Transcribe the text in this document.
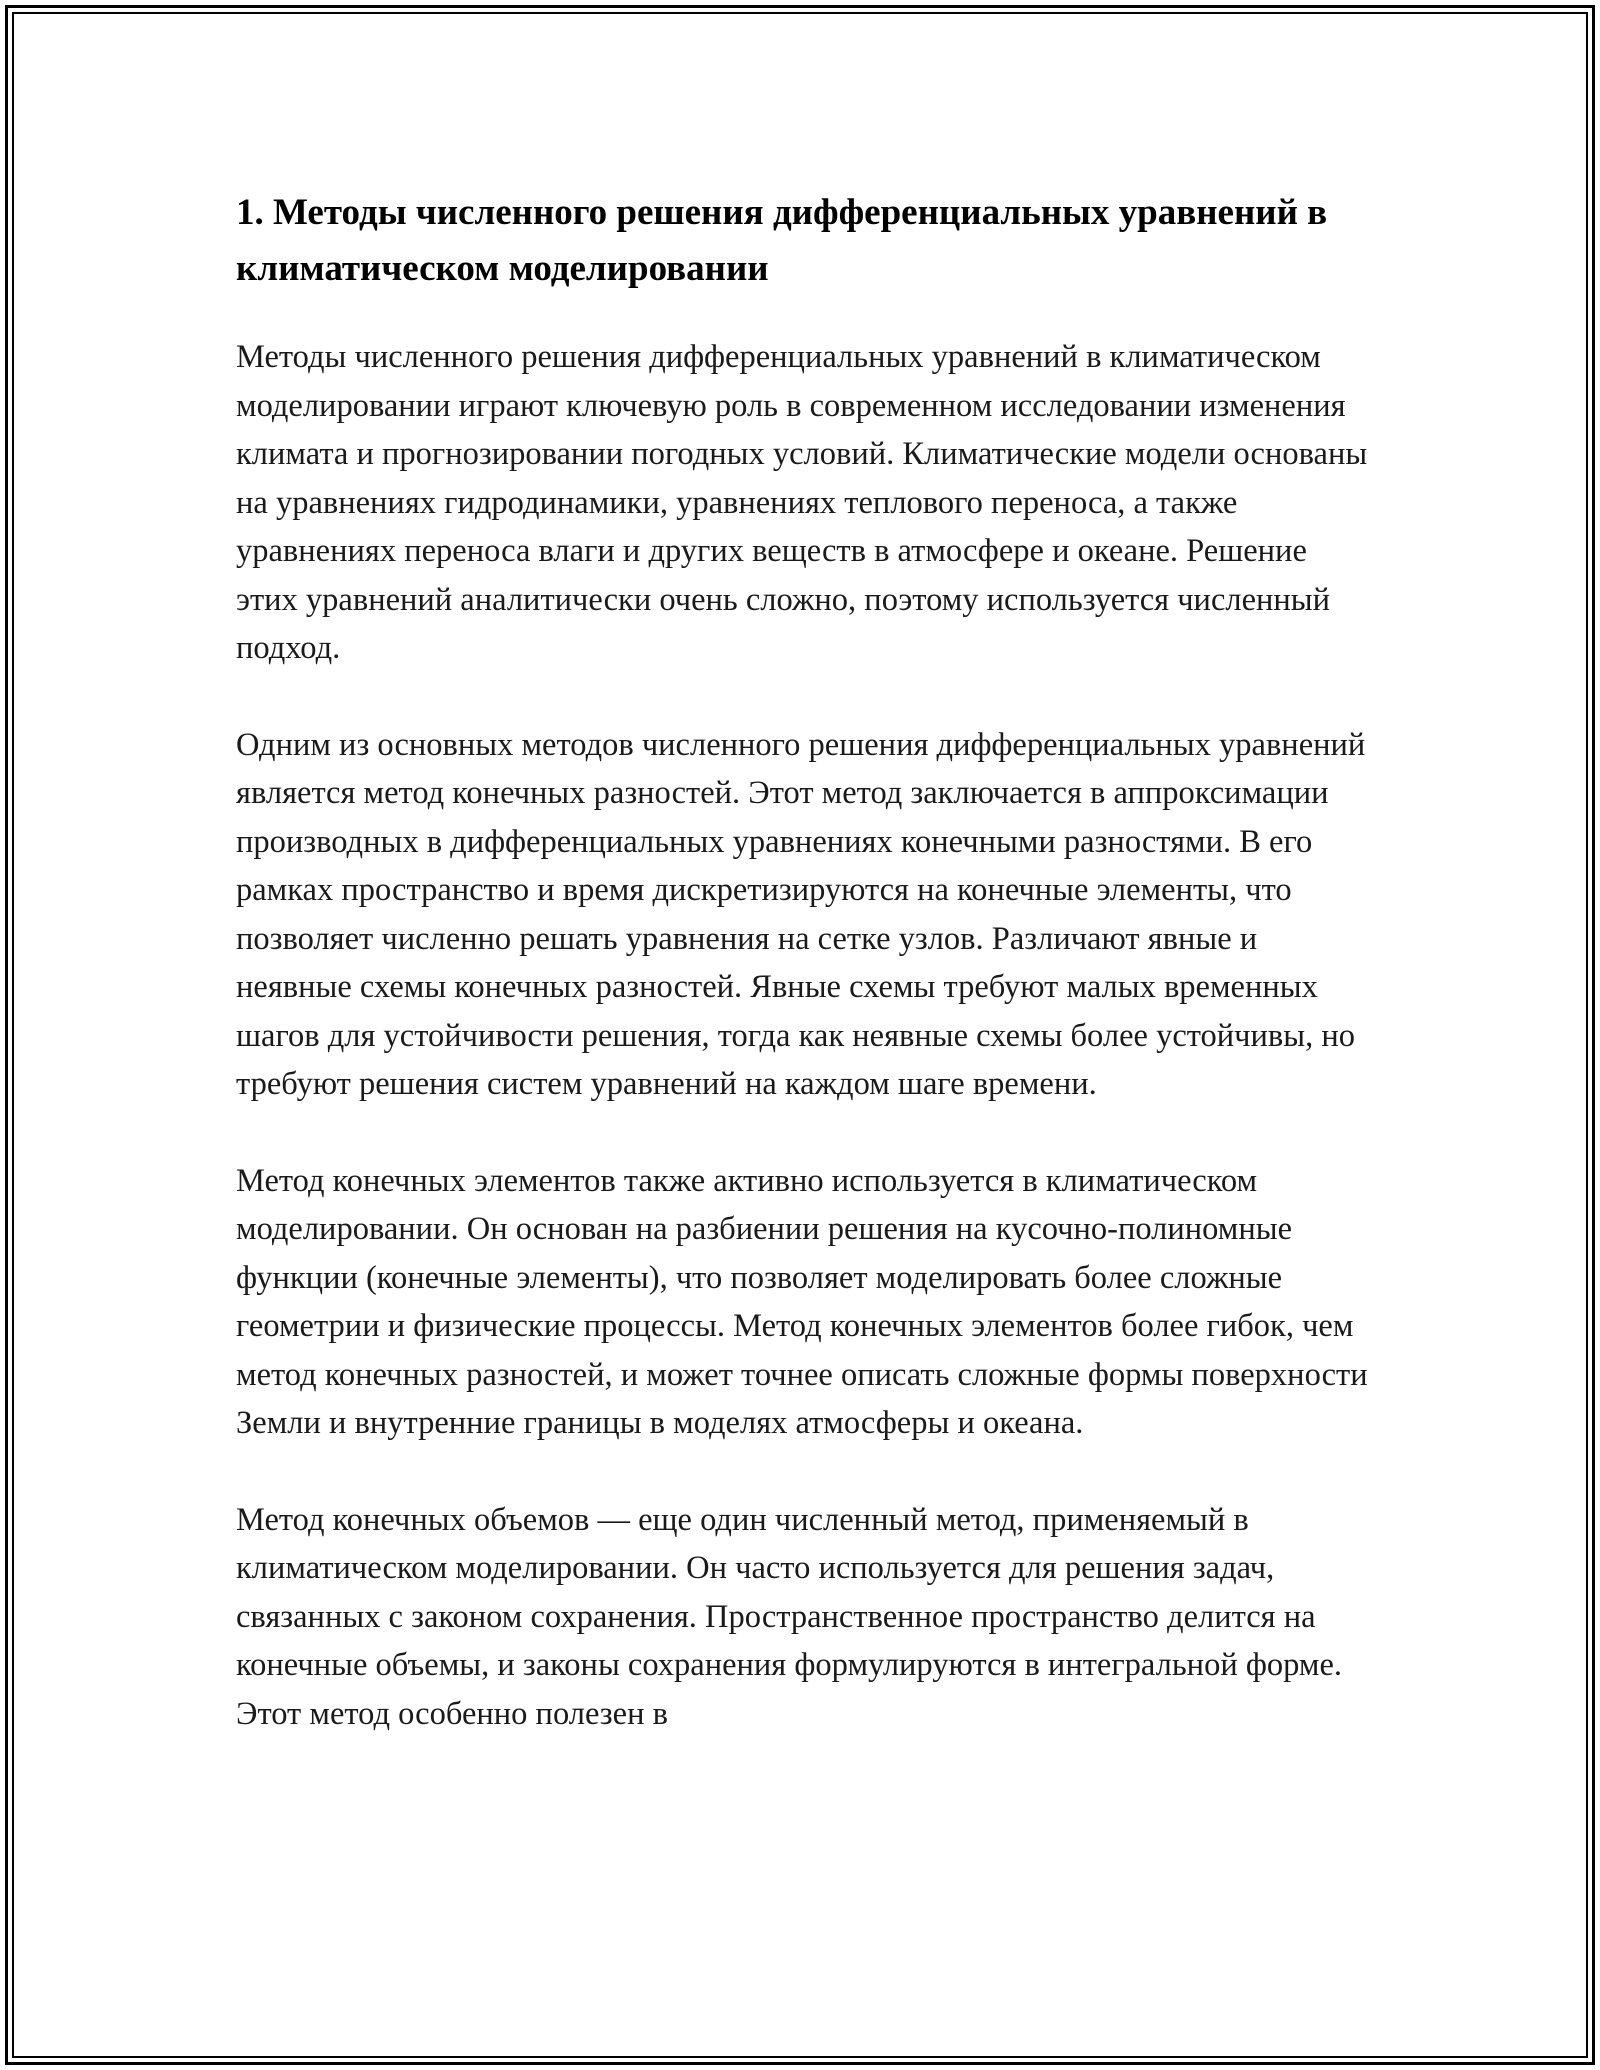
1. Методы численного решения дифференциальных уравнений в климатическом моделировании

Методы численного решения дифференциальных уравнений в климатическом моделировании играют ключевую роль в современном исследовании изменения климата и прогнозировании погодных условий. Климатические модели основаны на уравнениях гидродинамики, уравнениях теплового переноса, а также уравнениях переноса влаги и других веществ в атмосфере и океане. Решение этих уравнений аналитически очень сложно, поэтому используется численный подход.

Одним из основных методов численного решения дифференциальных уравнений является метод конечных разностей. Этот метод заключается в аппроксимации производных в дифференциальных уравнениях конечными разностями. В его рамках пространство и время дискретизируются на конечные элементы, что позволяет численно решать уравнения на сетке узлов. Различают явные и неявные схемы конечных разностей. Явные схемы требуют малых временных шагов для устойчивости решения, тогда как неявные схемы более устойчивы, но требуют решения систем уравнений на каждом шаге времени.

Метод конечных элементов также активно используется в климатическом моделировании. Он основан на разбиении решения на кусочно-полиномные функции (конечные элементы), что позволяет моделировать более сложные геометрии и физические процессы. Метод конечных элементов более гибок, чем метод конечных разностей, и может точнее описать сложные формы поверхности Земли и внутренние границы в моделях атмосферы и океана.

Метод конечных объемов — еще один численный метод, применяемый в климатическом моделировании. Он часто используется для решения задач, связанных с законом сохранения. Пространственное пространство делится на конечные объемы, и законы сохранения формулируются в интегральной форме. Этот метод особенно полезен в
